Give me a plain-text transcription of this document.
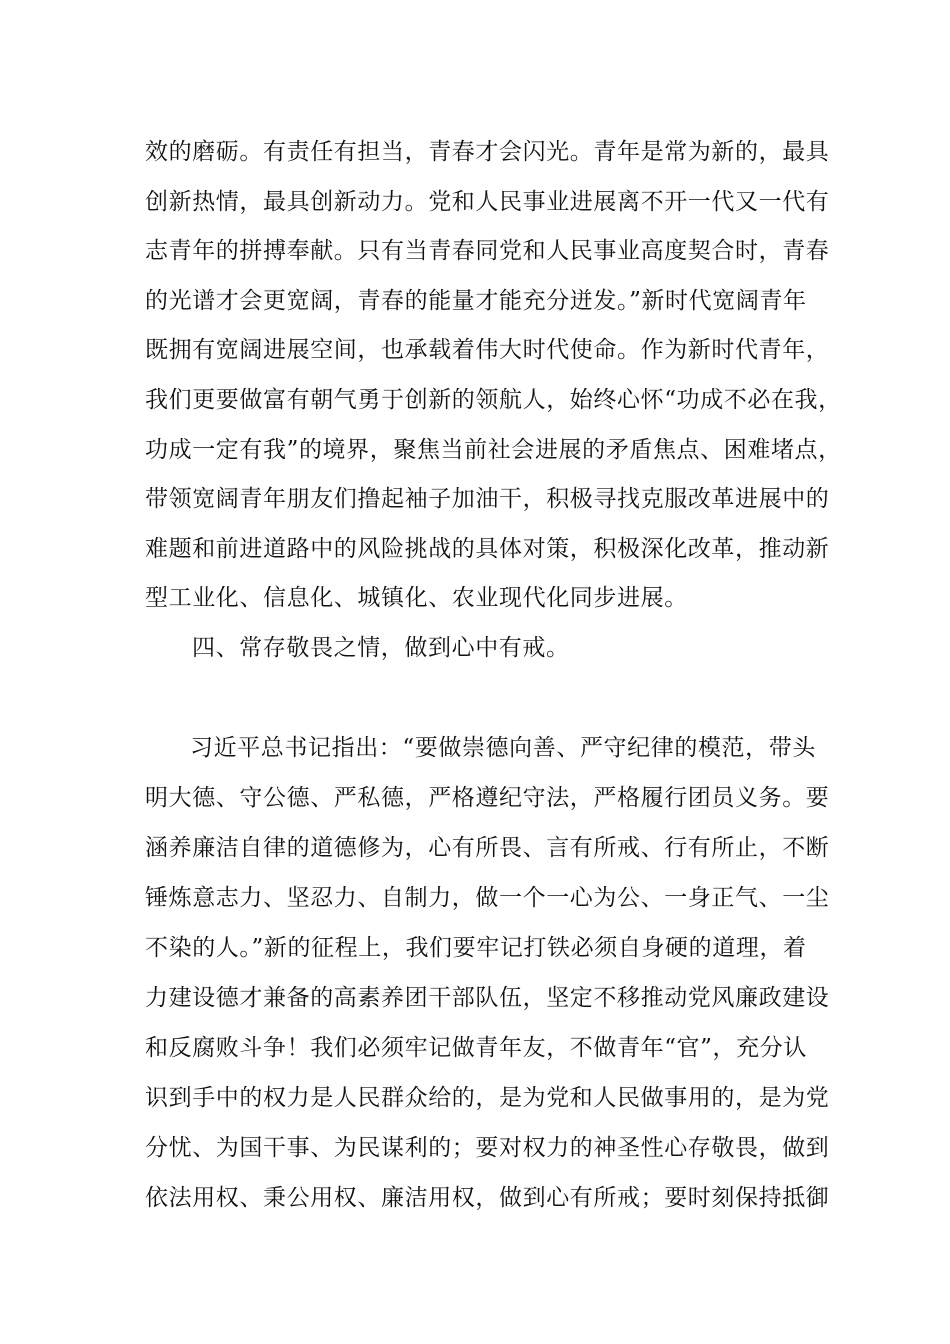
效的磨砺。有责任有担当，青春才会闪光。青年是常为新的，最具
创新热情，最具创新动力。党和人民事业进展离不开一代又一代有
志青年的拼搏奉献。只有当青春同党和人民事业高度契合时，青春
的光谱才会更宽阔，青春的能量才能充分迸发。”新时代宽阔青年
既拥有宽阔进展空间，也承载着伟大时代使命。作为新时代青年，
我们更要做富有朝气勇于创新的领航人，始终心怀“功成不必在我，
功成一定有我”的境界，聚焦当前社会进展的矛盾焦点、困难堵点，
带领宽阔青年朋友们撸起袖子加油干，积极寻找克服改革进展中的
难题和前进道路中的风险挑战的具体对策，积极深化改革，推动新
型工业化、信息化、城镇化、农业现代化同步进展。
四、常存敬畏之情，做到心中有戒。
习近平总书记指出：“要做崇德向善、严守纪律的模范，带头
明大德、守公德、严私德，严格遵纪守法，严格履行团员义务。要
涵养廉洁自律的道德修为，心有所畏、言有所戒、行有所止，不断
锤炼意志力、坚忍力、自制力，做一个一心为公、一身正气、一尘
不染的人。”新的征程上，我们要牢记打铁必须自身硬的道理，着
力建设德才兼备的高素养团干部队伍，坚定不移推动党风廉政建设
和反腐败斗争！我们必须牢记做青年友，不做青年“官”，充分认
识到手中的权力是人民群众给的，是为党和人民做事用的，是为党
分忧、为国干事、为民谋利的；要对权力的神圣性心存敬畏，做到
依法用权、秉公用权、廉洁用权，做到心有所戒；要时刻保持抵御
